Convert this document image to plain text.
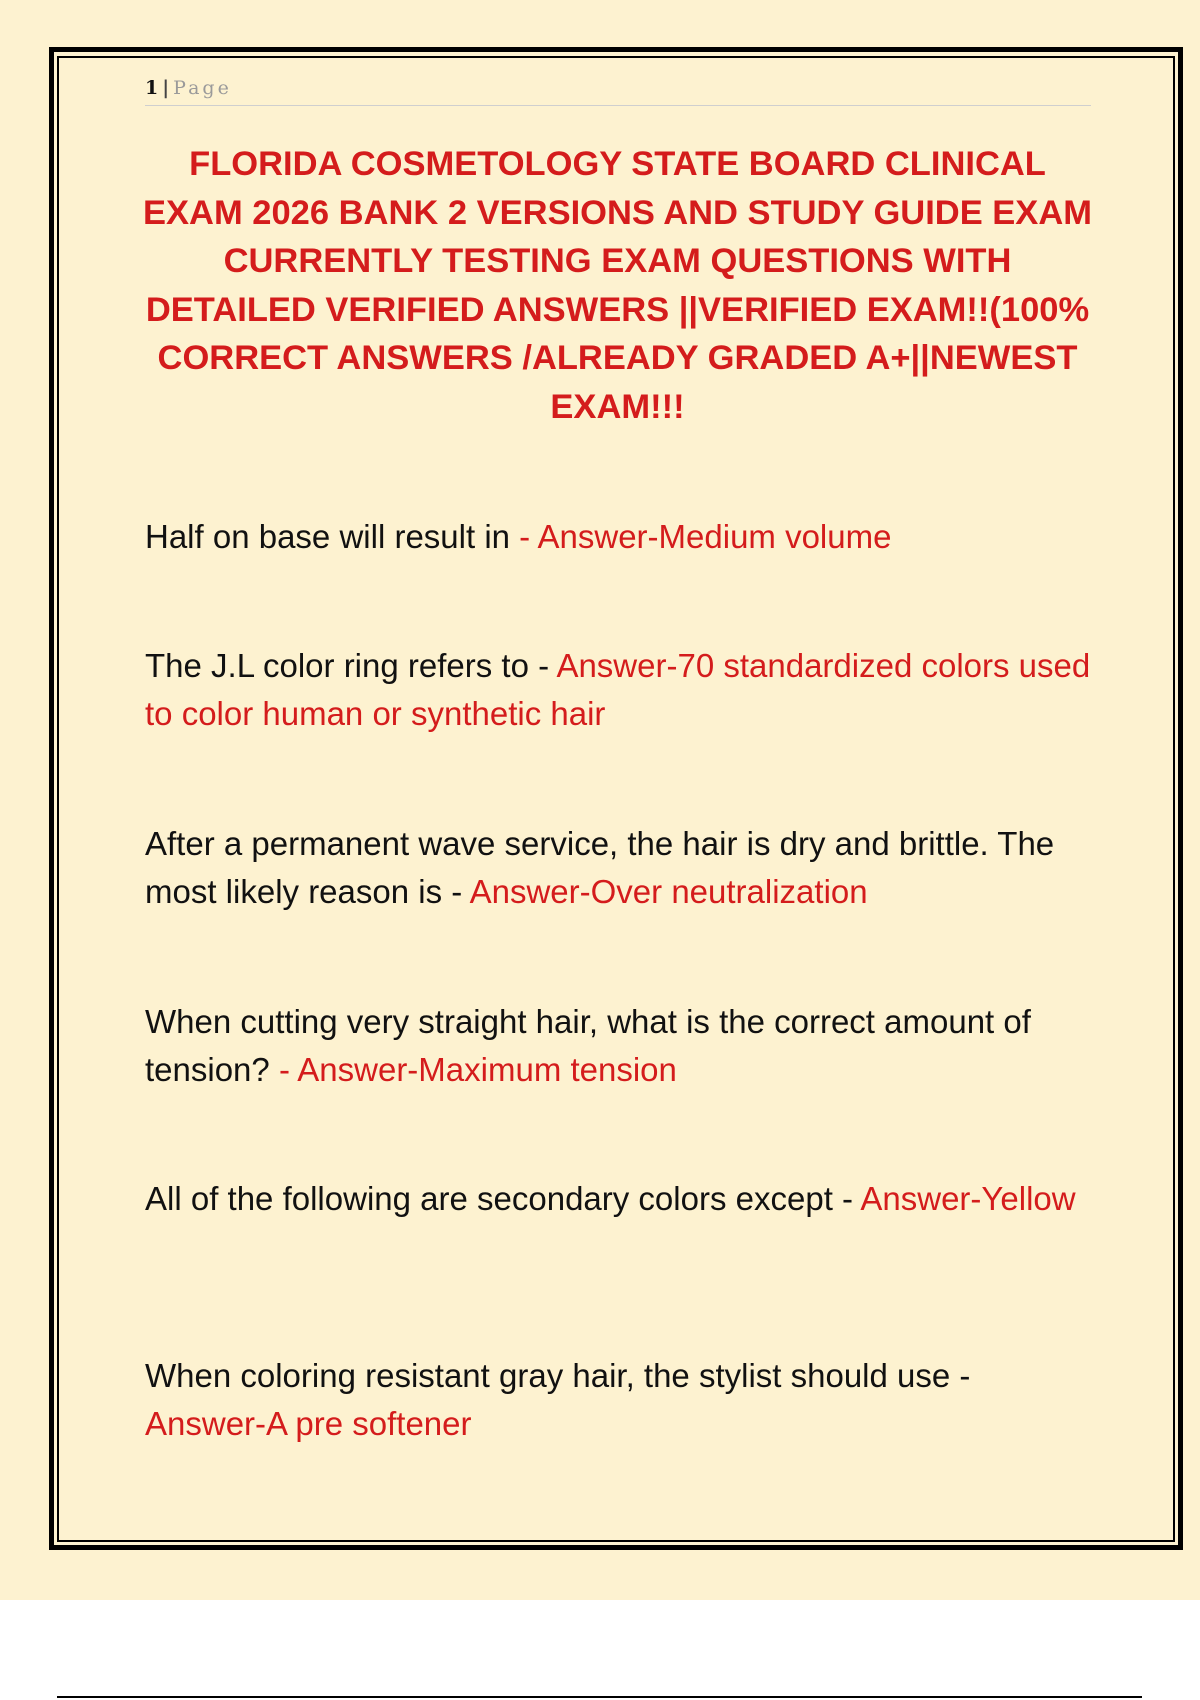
1 | Page
FLORIDA COSMETOLOGY STATE BOARD CLINICAL EXAM 2026 BANK 2 VERSIONS AND STUDY GUIDE EXAM CURRENTLY TESTING EXAM QUESTIONS WITH DETAILED VERIFIED ANSWERS ||VERIFIED EXAM!!(100% CORRECT ANSWERS /ALREADY GRADED A+||NEWEST EXAM!!!

Half on base will result in - Answer-Medium volume

The J.L color ring refers to - Answer-70 standardized colors used to color human or synthetic hair

After a permanent wave service, the hair is dry and brittle. The most likely reason is - Answer-Over neutralization

When cutting very straight hair, what is the correct amount of tension? - Answer-Maximum tension

All of the following are secondary colors except - Answer-Yellow

When coloring resistant gray hair, the stylist should use - Answer-A pre softener
